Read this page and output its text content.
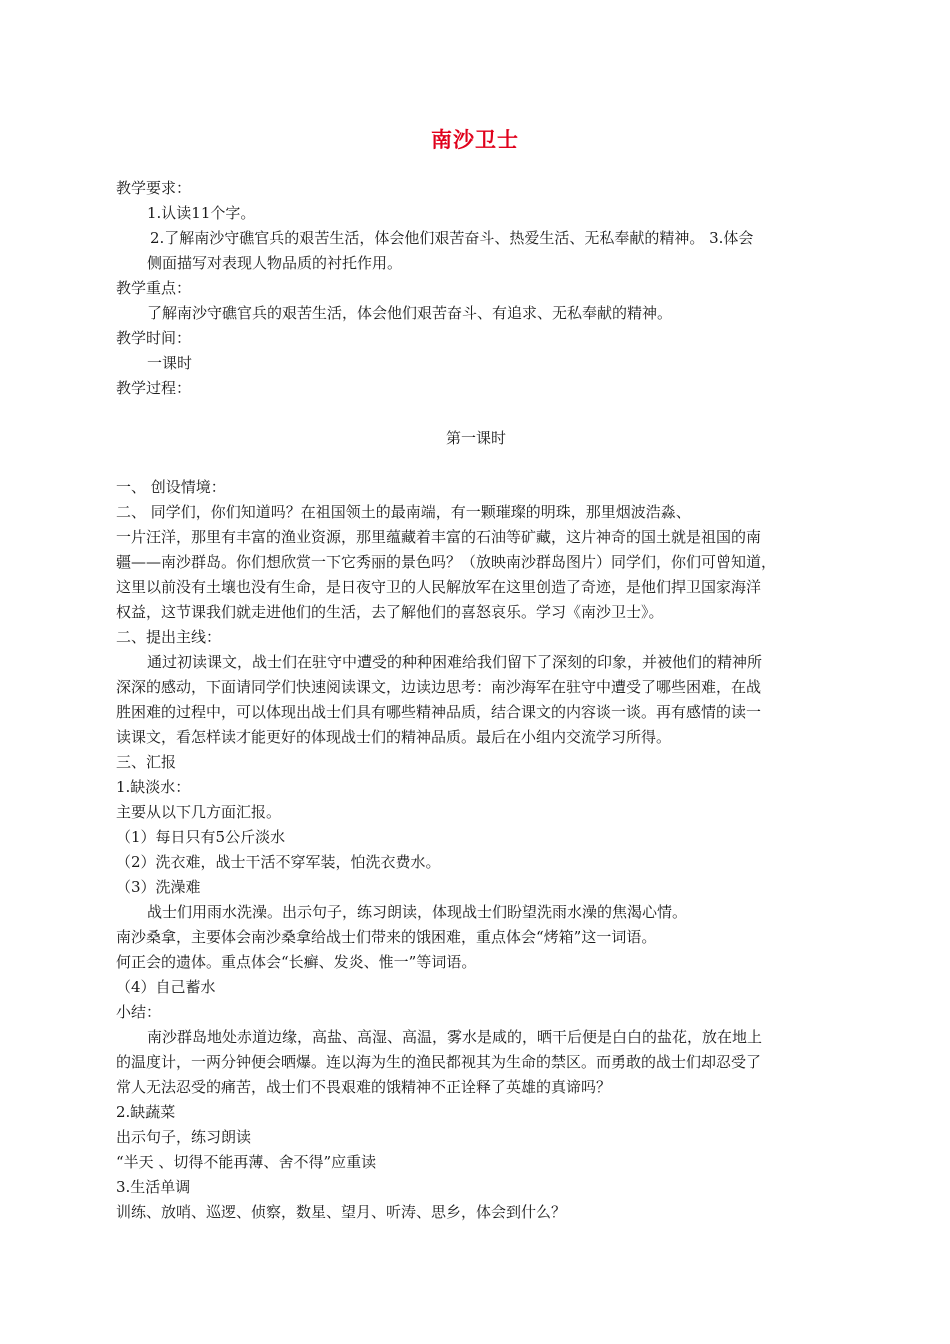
南沙卫士
教学要求：
1.认读11个字。
2.了解南沙守礁官兵的艰苦生活，体会他们艰苦奋斗、热爱生活、无私奉献的精神。 3.体会
侧面描写对表现人物品质的衬托作用。
教学重点：
了解南沙守礁官兵的艰苦生活，体会他们艰苦奋斗、有追求、无私奉献的精神。
教学时间：
一课时
教学过程：
第一课时
一、 创设情境：
二、 同学们，你们知道吗？在祖国领土的最南端，有一颗璀璨的明珠，那里烟波浩淼、
一片汪洋，那里有丰富的渔业资源，那里蕴藏着丰富的石油等矿藏，这片神奇的国土就是祖国的南
疆——南沙群岛。你们想欣赏一下它秀丽的景色吗？（放映南沙群岛图片）同学们，你们可曾知道，
这里以前没有土壤也没有生命，是日夜守卫的人民解放军在这里创造了奇迹，是他们捍卫国家海洋
权益，这节课我们就走进他们的生活，去了解他们的喜怒哀乐。学习《南沙卫士》。
二、提出主线：
通过初读课文，战士们在驻守中遭受的种种困难给我们留下了深刻的印象，并被他们的精神所
深深的感动，下面请同学们快速阅读课文，边读边思考：南沙海军在驻守中遭受了哪些困难，在战
胜困难的过程中，可以体现出战士们具有哪些精神品质，结合课文的内容谈一谈。再有感情的读一
读课文，看怎样读才能更好的体现战士们的精神品质。最后在小组内交流学习所得。
三、汇报
1.缺淡水：
主要从以下几方面汇报。
（1）每日只有5公斤淡水
（2）洗衣难，战士干活不穿军装，怕洗衣费水。
（3）洗澡难
战士们用雨水洗澡。出示句子，练习朗读，体现战士们盼望洗雨水澡的焦渴心情。
南沙桑拿，主要体会南沙桑拿给战士们带来的饿困难，重点体会“烤箱”这一词语。
何正会的遗体。重点体会“长癣、发炎、惟一”等词语。
（4）自己蓄水
小结：
南沙群岛地处赤道边缘，高盐、高湿、高温，雾水是咸的，晒干后便是白白的盐花，放在地上
的温度计，一两分钟便会晒爆。连以海为生的渔民都视其为生命的禁区。而勇敢的战士们却忍受了
常人无法忍受的痛苦，战士们不畏艰难的饿精神不正诠释了英雄的真谛吗？
2.缺蔬菜
出示句子，练习朗读
“半天 、切得不能再薄、舍不得”应重读
3.生活单调
训练、放哨、巡逻、侦察，数星、望月、听涛、思乡，体会到什么？
